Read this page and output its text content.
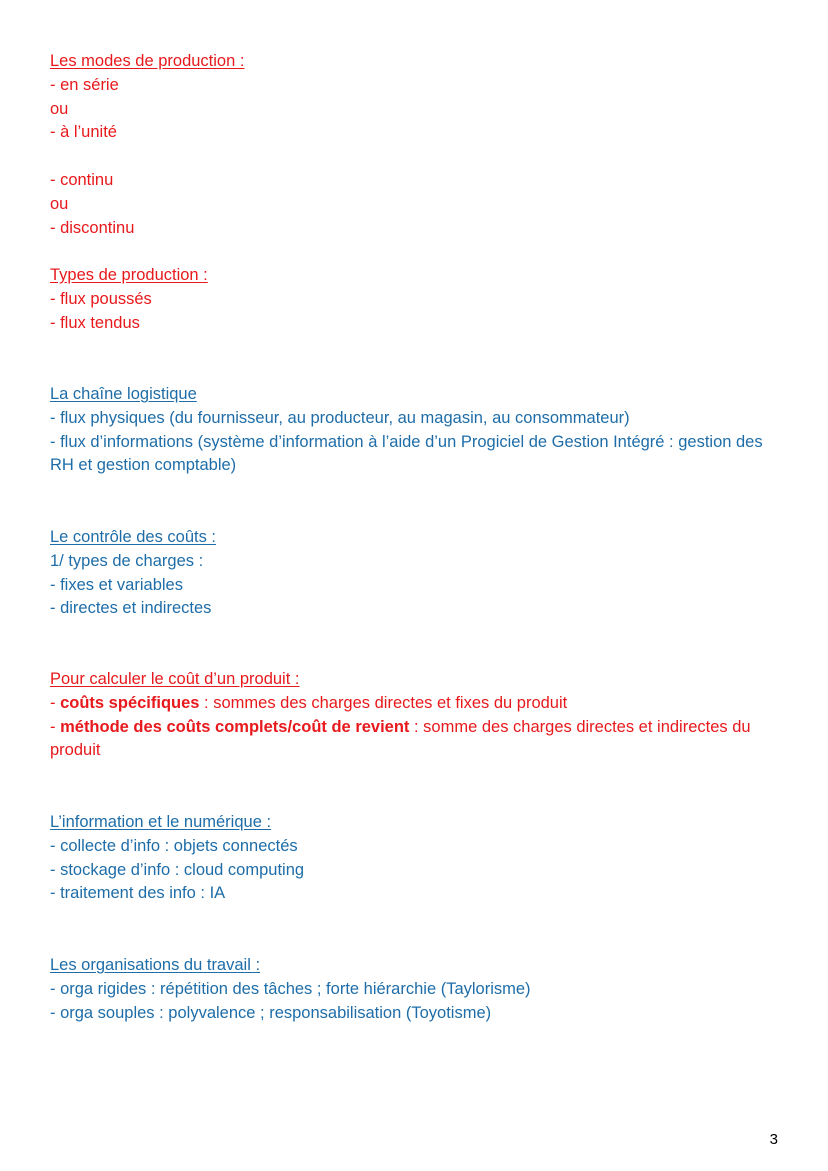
Les modes de production :
- en série
ou
- à l’unité
- continu
ou
- discontinu
Types de production :
- flux poussés
- flux tendus
La chaîne logistique
- flux physiques (du fournisseur, au producteur, au magasin, au consommateur)
- flux d’informations (système d’information à l’aide d’un Progiciel de Gestion Intégré : gestion des RH et gestion comptable)
Le contrôle des coûts :
1/ types de charges :
- fixes et variables
- directes et indirectes
Pour calculer le coût d’un produit :
- coûts spécifiques : sommes des charges directes et fixes du produit
- méthode des coûts complets/coût de revient : somme des charges directes et indirectes du produit
L’information et le numérique :
- collecte d’info : objets connectés
- stockage d’info : cloud computing
- traitement des info : IA
Les organisations du travail :
- orga rigides : répétition des tâches ; forte hiérarchie (Taylorisme)
- orga souples : polyvalence ; responsabilisation (Toyotisme)
3
